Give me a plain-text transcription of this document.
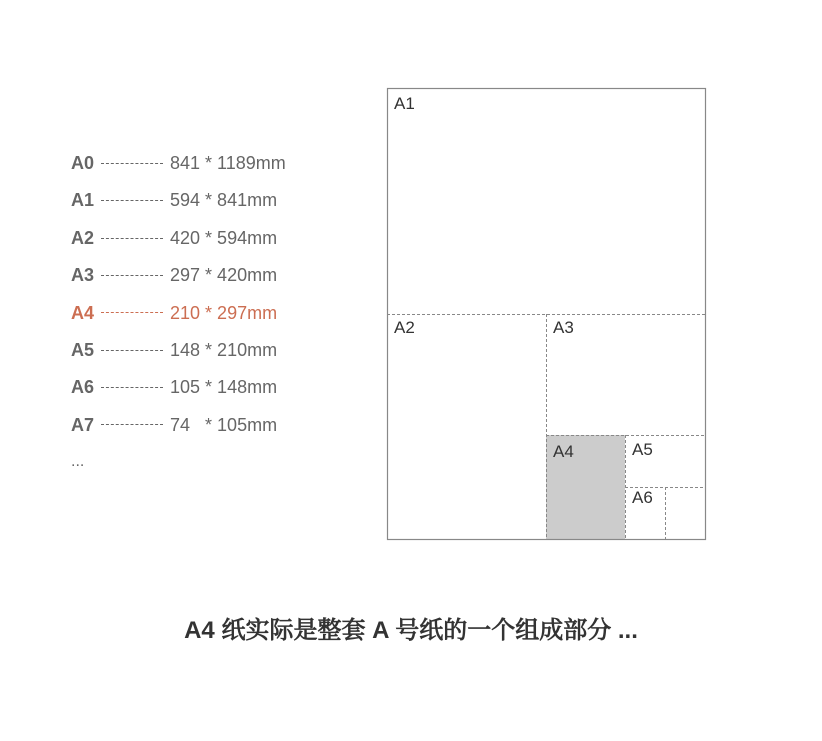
A0	841 * 1189mm
A1	594 * 841mm
A2	420 * 594mm
A3	297 * 420mm
A4	210 * 297mm
A5	148 * 210mm
A6	105 * 148mm
A7	74   * 105mm
...
A1
A2	A3
A4	A5
A6
A4 纸实际是整套 A 号纸的一个组成部分 ...
